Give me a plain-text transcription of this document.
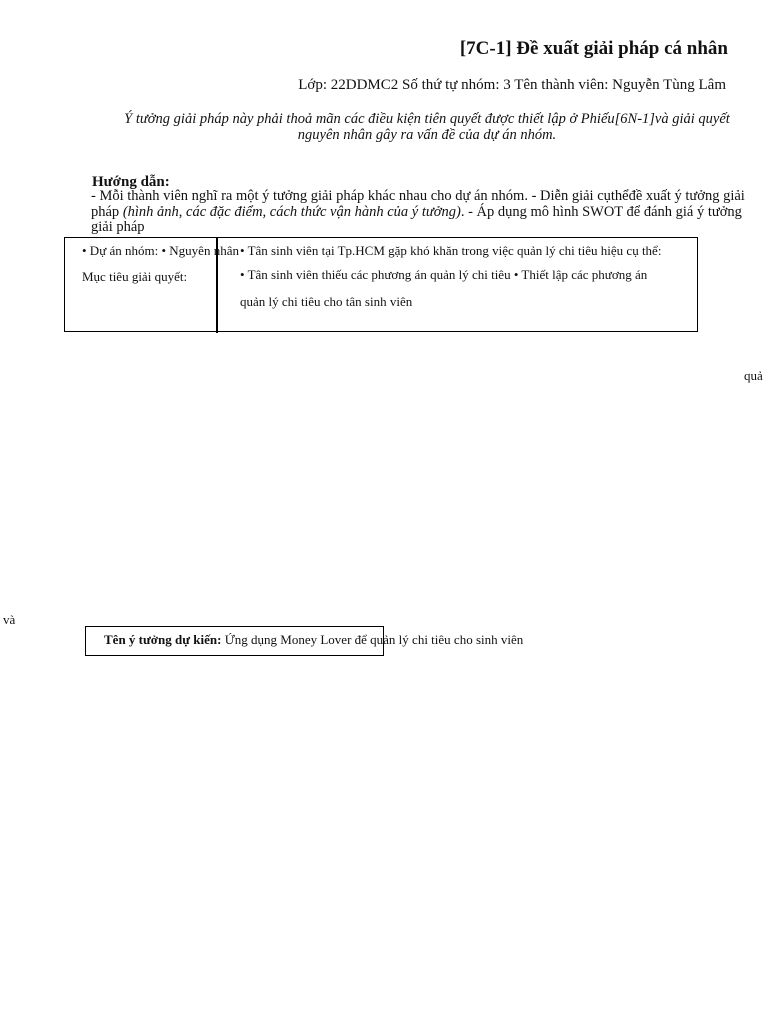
[7C-1] Đề xuất giải pháp cá nhân
Lớp: 22DDMC2 Số thứ tự nhóm: 3 Tên thành viên: Nguyễn Tùng Lâm
Ý tưởng giải pháp này phải thoả mãn các điều kiện tiên quyết được thiết lập ở Phiếu[6N-1]và giải quyết nguyên nhân gây ra vấn đề của dự án nhóm.
Hướng dẫn:
- Mỗi thành viên nghĩ ra một ý tưởng giải pháp khác nhau cho dự án nhóm. - Diễn giải cụthểđề xuất ý tưởng giải pháp (hình ảnh, các đặc điểm, cách thức vận hành của ý tưởng). - Áp dụng mô hình SWOT để đánh giá ý tưởng giải pháp
• Dự án nhóm: • Nguyên nhân
Mục tiêu giải quyết:
• Tân sinh viên tại Tp.HCM gặp khó khăn trong việc quản lý chi tiêu hiệu cụ thể:
• Tân sinh viên thiếu các phương án quản lý chi tiêu • Thiết lập các phương án
quản lý chi tiêu cho tân sinh viên
quả
và
Tên ý tưởng dự kiến: Ứng dụng Money Lover để quản lý chi tiêu cho sinh viên
